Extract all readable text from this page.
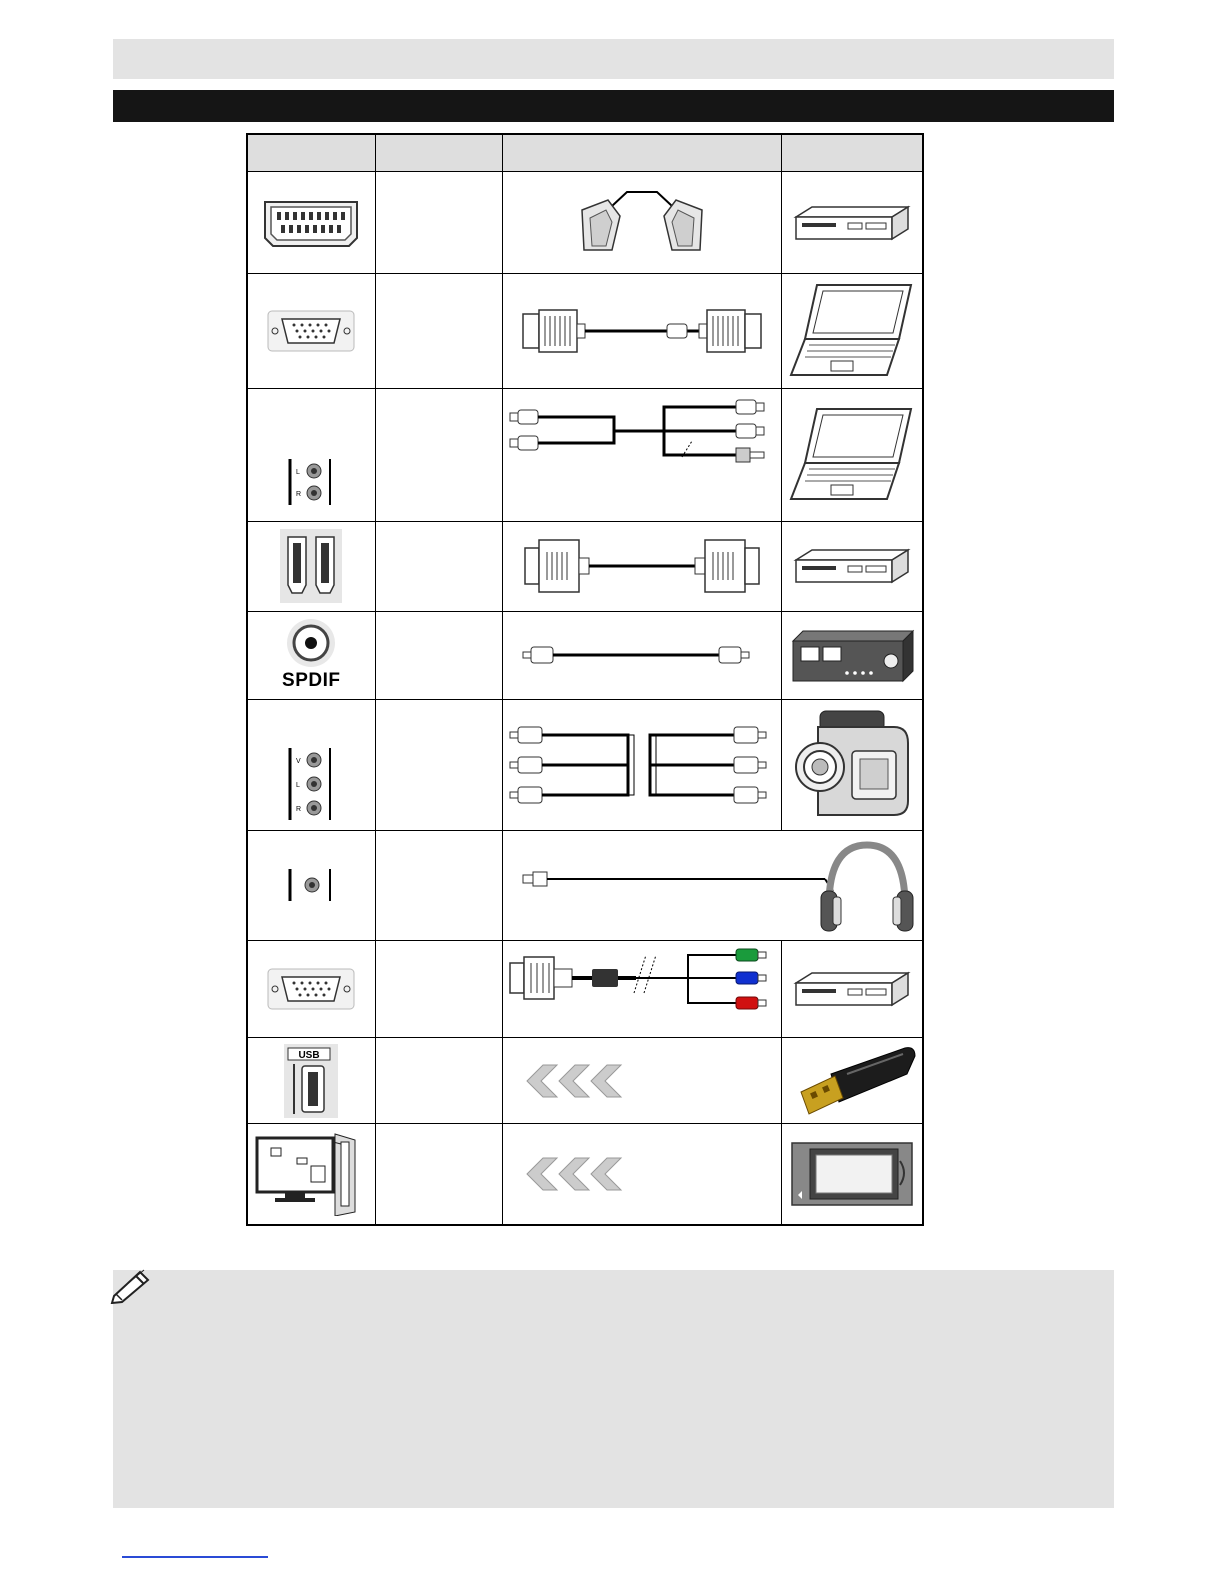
L
R

SPDIF

V
L
R

USB
